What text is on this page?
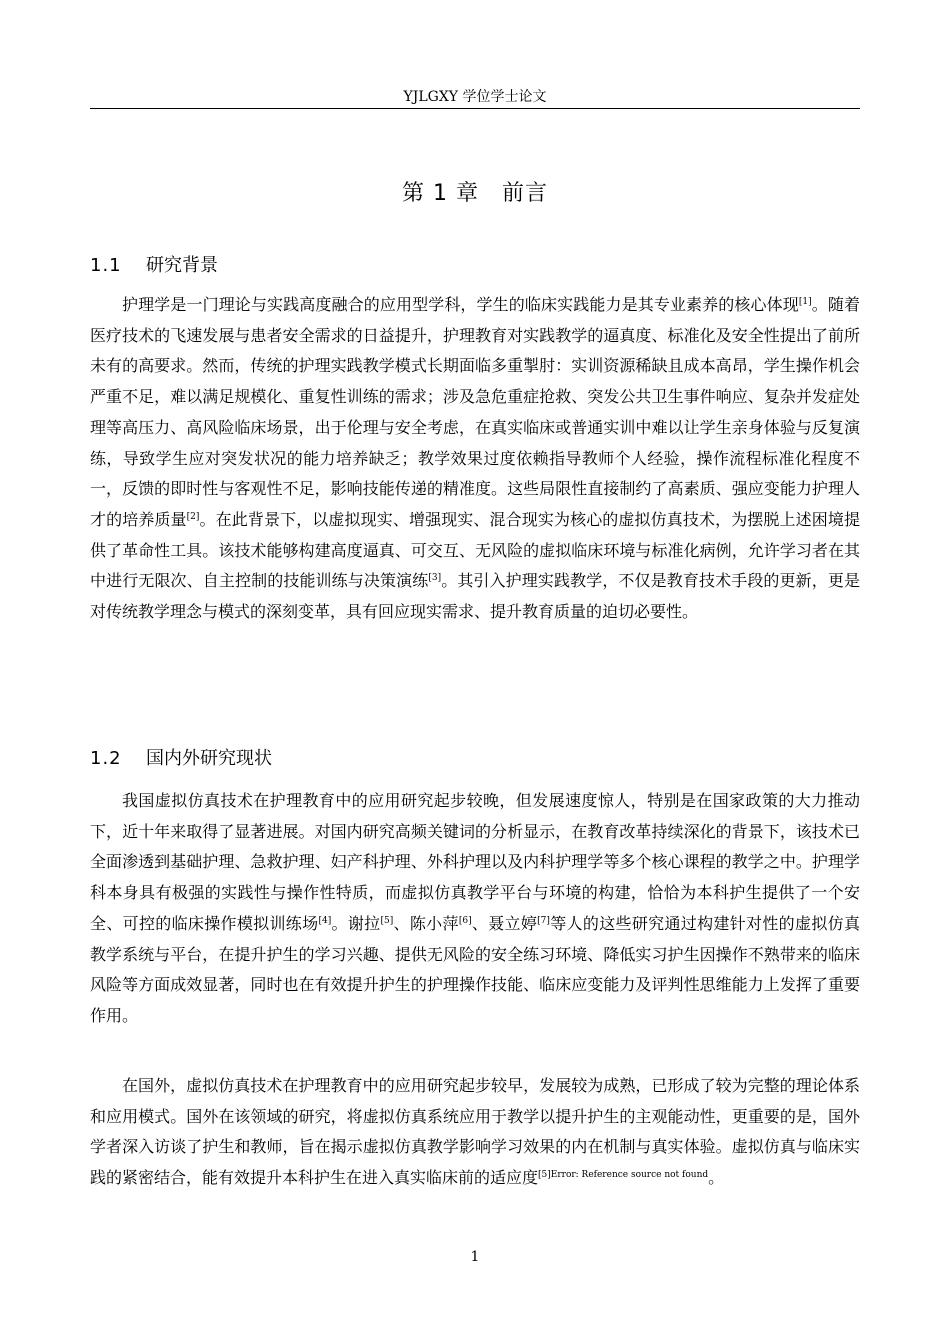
YJLGXY 学位学士论文
第 1 章　前言
1.1 研究背景

护理学是一门理论与实践高度融合的应用型学科，学生的临床实践能力是其专业素养的核心体现[1]。随着医疗技术的飞速发展与患者安全需求的日益提升，护理教育对实践教学的逼真度、标准化及安全性提出了前所未有的高要求。然而，传统的护理实践教学模式长期面临多重掣肘：实训资源稀缺且成本高昂，学生操作机会严重不足，难以满足规模化、重复性训练的需求；涉及急危重症抢救、突发公共卫生事件响应、复杂并发症处理等高压力、高风险临床场景，出于伦理与安全考虑，在真实临床或普通实训中难以让学生亲身体验与反复演练，导致学生应对突发状况的能力培养缺乏；教学效果过度依赖指导教师个人经验，操作流程标准化程度不一，反馈的即时性与客观性不足，影响技能传递的精准度。这些局限性直接制约了高素质、强应变能力护理人才的培养质量[2]。在此背景下，以虚拟现实、增强现实、混合现实为核心的虚拟仿真技术，为摆脱上述困境提供了革命性工具。该技术能够构建高度逼真、可交互、无风险的虚拟临床环境与标准化病例，允许学习者在其中进行无限次、自主控制的技能训练与决策演练[3]。其引入护理实践教学，不仅是教育技术手段的更新，更是对传统教学理念与模式的深刻变革，具有回应现实需求、提升教育质量的迫切必要性。

1.2 国内外研究现状

我国虚拟仿真技术在护理教育中的应用研究起步较晚，但发展速度惊人，特别是在国家政策的大力推动下，近十年来取得了显著进展。对国内研究高频关键词的分析显示，在教育改革持续深化的背景下，该技术已全面渗透到基础护理、急救护理、妇产科护理、外科护理以及内科护理学等多个核心课程的教学之中。护理学科本身具有极强的实践性与操作性特质，而虚拟仿真教学平台与环境的构建，恰恰为本科护生提供了一个安全、可控的临床操作模拟训练场[4]。谢拉[5]、陈小萍[6]、聂立婷[7]等人的这些研究通过构建针对性的虚拟仿真教学系统与平台，在提升护生的学习兴趣、提供无风险的安全练习环境、降低实习护生因操作不熟带来的临床风险等方面成效显著，同时也在有效提升护生的护理操作技能、临床应变能力及评判性思维能力上发挥了重要作用。

在国外，虚拟仿真技术在护理教育中的应用研究起步较早，发展较为成熟，已形成了较为完整的理论体系和应用模式。国外在该领域的研究，将虚拟仿真系统应用于教学以提升护生的主观能动性，更重要的是，国外学者深入访谈了护生和教师，旨在揭示虚拟仿真教学影响学习效果的内在机制与真实体验。虚拟仿真与临床实践的紧密结合，能有效提升本科护生在进入真实临床前的适应度$^{[5]Error: Reference source not found}$。

1
